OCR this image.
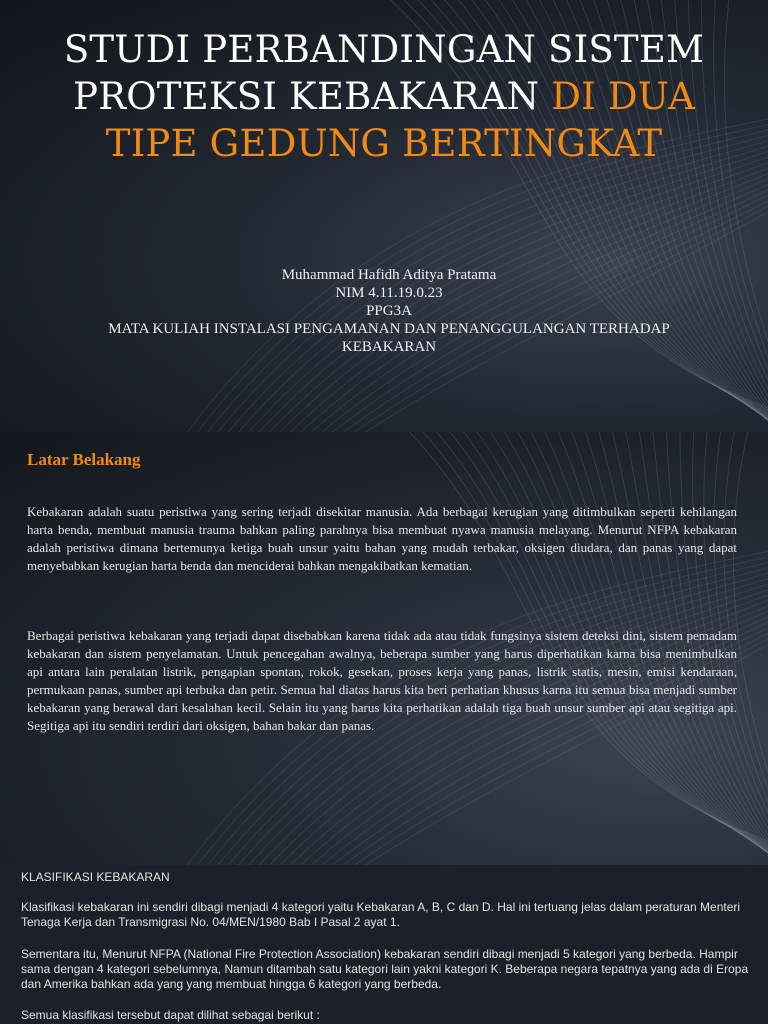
STUDI PERBANDINGAN SISTEM
PROTEKSI KEBAKARAN DI DUA
TIPE GEDUNG BERTINGKAT
Muhammad Hafidh Aditya Pratama
NIM 4.11.19.0.23
PPG3A
MATA KULIAH INSTALASI PENGAMANAN DAN PENANGGULANGAN TERHADAP
KEBAKARAN
Latar Belakang

Kebakaran adalah suatu peristiwa yang sering terjadi disekitar manusia. Ada berbagai kerugian yang ditimbulkan seperti kehilangan harta benda, membuat manusia trauma bahkan paling parahnya bisa membuat nyawa manusia melayang. Menurut NFPA kebakaran adalah peristiwa dimana bertemunya ketiga buah unsur yaitu bahan yang mudah terbakar, oksigen diudara, dan panas yang dapat menyebabkan kerugian harta benda dan menciderai bahkan mengakibatkan kematian.

Berbagai peristiwa kebakaran yang terjadi dapat disebabkan karena tidak ada atau tidak fungsinya sistem deteksi dini, sistem pemadam kebakaran dan sistem penyelamatan. Untuk pencegahan awalnya, beberapa sumber yang harus diperhatikan karna bisa menimbulkan api antara lain peralatan listrik, pengapian spontan, rokok, gesekan, proses kerja yang panas, listrik statis, mesin, emisi kendaraan, permukaan panas, sumber api terbuka dan petir. Semua hal diatas harus kita beri perhatian khusus karna itu semua bisa menjadi sumber kebakaran yang berawal dari kesalahan kecil. Selain itu yang harus kita perhatikan adalah tiga buah unsur sumber api atau segitiga api. Segitiga api itu sendiri terdiri dari oksigen, bahan bakar dan panas.

KLASIFIKASI KEBAKARAN

Klasifikasi kebakaran ini sendiri dibagi menjadi 4 kategori yaitu Kebakaran A, B, C dan D. Hal ini tertuang jelas dalam peraturan Menteri Tenaga Kerja dan Transmigrasi No. 04/MEN/1980 Bab I Pasal 2 ayat 1.

Sementara itu, Menurut NFPA (National Fire Protection Association) kebakaran sendiri dibagi menjadi 5 kategori yang berbeda. Hampir sama dengan 4 kategori sebelumnya, Namun ditambah satu kategori lain yakni kategori K. Beberapa negara tepatnya yang ada di Eropa dan Amerika bahkan ada yang yang membuat hingga 6 kategori yang berbeda.

Semua klasifikasi tersebut dapat dilihat sebagai berikut :
